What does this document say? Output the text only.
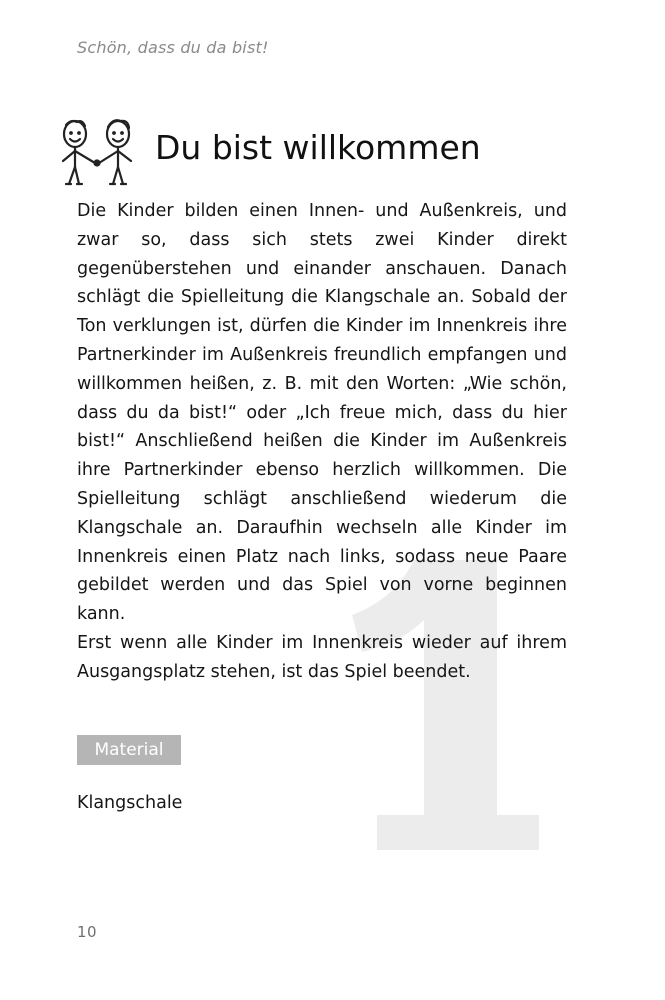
Schön, dass du da bist!
Du bist willkommen

Die Kinder bilden einen Innen- und Außenkreis, und zwar so, dass sich stets zwei Kinder direkt gegenüberstehen und einander anschauen. Danach schlägt die Spielleitung die Klangschale an. Sobald der Ton verklungen ist, dürfen die Kinder im Innenkreis ihre Partnerkinder im Außenkreis freundlich empfangen und willkommen heißen, z. B. mit den Worten: „Wie schön, dass du da bist!“ oder „Ich freue mich, dass du hier bist!“ Anschließend heißen die Kinder im Außenkreis ihre Partnerkinder ebenso herzlich willkommen. Die Spielleitung schlägt anschließend wiederum die Klangschale an. Daraufhin wechseln alle Kinder im Innenkreis einen Platz nach links, sodass neue Paare gebildet werden und das Spiel von vorne beginnen kann.

Erst wenn alle Kinder im Innenkreis wieder auf ihrem Ausgangsplatz stehen, ist das Spiel beendet.

Material
Klangschale
10
